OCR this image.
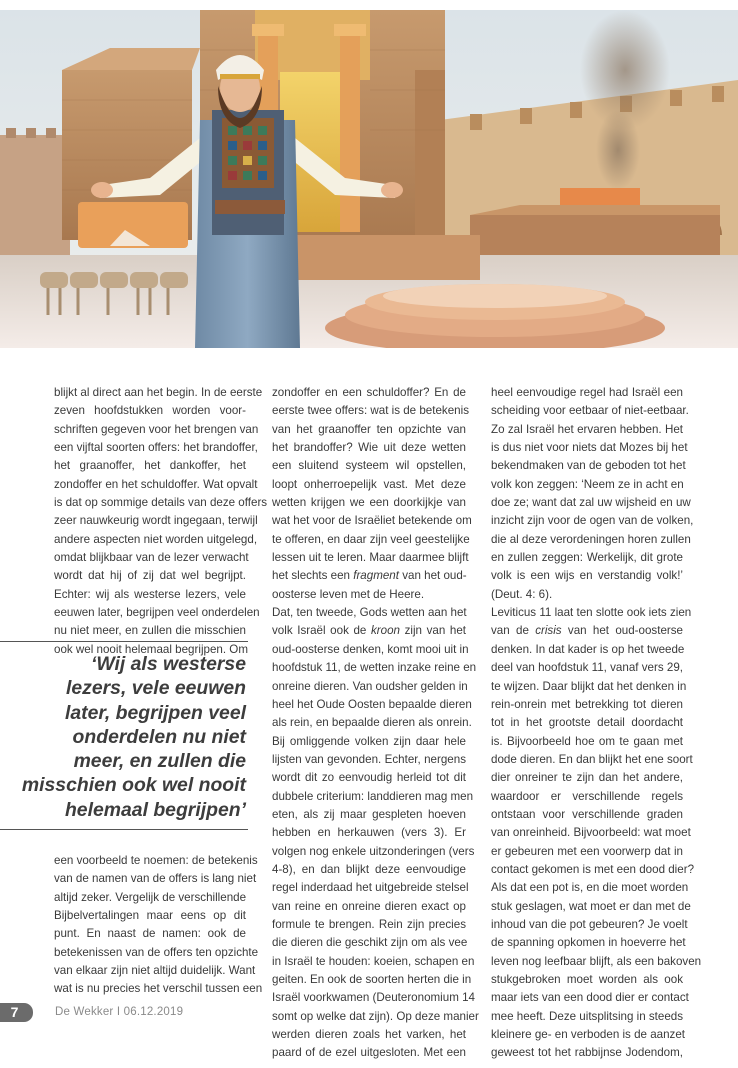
blijkt al direct aan het begin. In de eerste
zeven hoofdstukken worden voor-
schriften gegeven voor het brengen van
een vijftal soorten offers: het brandoffer,
het graanoffer, het dankoffer, het
zondoffer en het schuldoffer. Wat opvalt
is dat op sommige details van deze offers
zeer nauwkeurig wordt ingegaan, terwijl
andere aspecten niet worden uitgelegd,
omdat blijkbaar van de lezer verwacht
wordt dat hij of zij dat wel begrijpt.
Echter: wij als westerse lezers, vele
eeuwen later, begrijpen veel onderdelen
nu niet meer, en zullen die misschien
ook wel nooit helemaal begrijpen. Om

‘Wij als westerse
lezers, vele eeuwen
later, begrijpen veel
onderdelen nu niet
meer, en zullen die
misschien ook wel nooit
helemaal begrijpen’

een voorbeeld te noemen: de betekenis
van de namen van de offers is lang niet
altijd zeker. Vergelijk de verschillende
Bijbelvertalingen maar eens op dit
punt. En naast de namen: ook de
betekenissen van de offers ten opzichte
van elkaar zijn niet altijd duidelijk. Want
wat is nu precies het verschil tussen een

zondoffer en een schuldoffer? En de
eerste twee offers: wat is de betekenis
van het graanoffer ten opzichte van
het brandoffer? Wie uit deze wetten
een sluitend systeem wil opstellen,
loopt onherroepelijk vast. Met deze
wetten krijgen we een doorkijkje van
wat het voor de Israëliet betekende om
te offeren, en daar zijn veel geestelijke
lessen uit te leren. Maar daarmee blijft
het slechts een fragment van het oud-
oosterse leven met de Heere.

Dat, ten tweede, Gods wetten aan het
volk Israël ook de kroon zijn van het
oud-oosterse denken, komt mooi uit in
hoofdstuk 11, de wetten inzake reine en
onreine dieren. Van oudsher gelden in
heel het Oude Oosten bepaalde dieren
als rein, en bepaalde dieren als onrein.
Bij omliggende volken zijn daar hele
lijsten van gevonden. Echter, nergens
wordt dit zo eenvoudig herleid tot dit
dubbele criterium: landdieren mag men
eten, als zij maar gespleten hoeven
hebben en herkauwen (vers 3). Er
volgen nog enkele uitzonderingen (vers
4-8), en dan blijkt deze eenvoudige
regel inderdaad het uitgebreide stelsel
van reine en onreine dieren exact op
formule te brengen. Rein zijn precies
die dieren die geschikt zijn om als vee
in Israël te houden: koeien, schapen en
geiten. En ook de soorten herten die in
Israël voorkwamen (Deuteronomium 14
somt op welke dat zijn). Op deze manier
werden dieren zoals het varken, het
paard of de ezel uitgesloten. Met een

heel eenvoudige regel had Israël een
scheiding voor eetbaar of niet-eetbaar.
Zo zal Israël het ervaren hebben. Het
is dus niet voor niets dat Mozes bij het
bekendmaken van de geboden tot het
volk kon zeggen: ‘Neem ze in acht en
doe ze; want dat zal uw wijsheid en uw
inzicht zijn voor de ogen van de volken,
die al deze verordeningen horen zullen
en zullen zeggen: Werkelijk, dit grote
volk is een wijs en verstandig volk!’
(Deut. 4: 6).

Leviticus 11 laat ten slotte ook iets zien
van de crisis van het oud-oosterse
denken. In dat kader is op het tweede
deel van hoofdstuk 11, vanaf vers 29,
te wijzen. Daar blijkt dat het denken in
rein-onrein met betrekking tot dieren
tot in het grootste detail doordacht
is. Bijvoorbeeld hoe om te gaan met
dode dieren. En dan blijkt het ene soort
dier onreiner te zijn dan het andere,
waardoor er verschillende regels
ontstaan voor verschillende graden
van onreinheid. Bijvoorbeeld: wat moet
er gebeuren met een voorwerp dat in
contact gekomen is met een dood dier?
Als dat een pot is, en die moet worden
stuk geslagen, wat moet er dan met de
inhoud van die pot gebeuren? Je voelt
de spanning opkomen in hoeverre het
leven nog leefbaar blijft, als een bakoven
stukgebroken moet worden als ook
maar iets van een dood dier er contact
mee heeft. Deze uitsplitsing in steeds
kleinere ge- en verboden is de aanzet
geweest tot het rabbijnse Jodendom,

7	De Wekker I 06.12.2019
